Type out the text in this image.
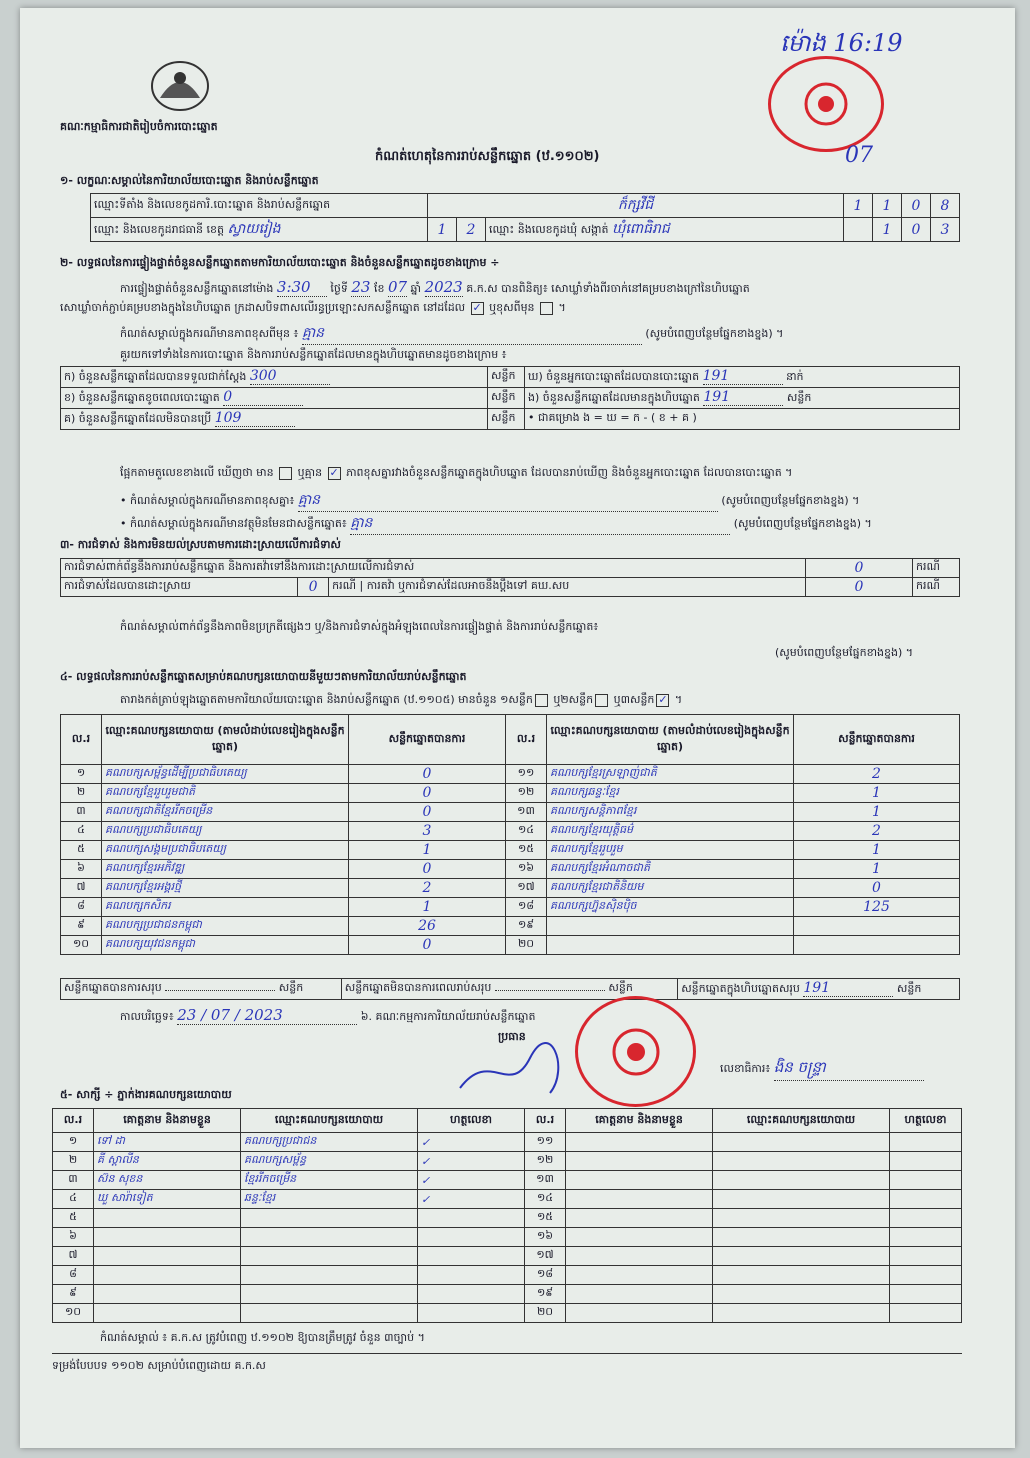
គណៈកម្មាធិការជាតិរៀបចំការបោះឆ្នោត
ម៉ោង 16:19
07
កំណត់ហេតុនៃការរាប់សន្លឹកឆ្នោត (ឋ.១១០២)
១- លក្ខណៈសម្គាល់នៃការិយាល័យបោះឆ្នោត និងរាប់សន្លឹកឆ្នោត
ឈ្មោះទីតាំង និងលេខកូដការិ.បោះឆ្នោត និងរាប់សន្លឹកឆ្នោត	ក៏ក្សវីជី			1	1	0	8
ឈ្មោះ និងលេខកូដរាជធានី ខេត្ត ស្វាយរៀង	1	2	ឈ្មោះ និងលេខកូដឃុំ សង្កាត់ ឃុំពោធិរាជ		1	0	3
២- លទ្ធផលនៃការផ្ទៀងផ្ទាត់ចំនួនសន្លឹកឆ្នោតតាមការិយាល័យបោះឆ្នោត និងចំនួនសន្លឹកឆ្នោតដូចខាងក្រោម ÷
ការផ្ទៀងផ្ទាត់ចំនួនសន្លឹកឆ្នោតនៅម៉ោង 3:30 ថ្ងៃទី 23 ខែ 07 ឆ្នាំ 2023 គ.ក.ស បានពិនិត្យ៖ សោឃ្លាំទាំងពីរចាក់នៅគម្របខាងក្រៅនៃហិបឆ្នោត
សោឃ្លាំចាក់ភ្ជាប់គម្របខាងក្នុងនៃហិបឆ្នោត ក្រដាសបិទពាសលើរន្ធប្រឡោះសកសន្លឹកឆ្នោត នៅដដែល ✓ ឬខុសពីមុន  ។
កំណត់សម្គាល់ក្នុងករណីមានភាពខុសពីមុន ៖ គ្មាន	(សូមបំពេញបន្ថែមផ្នែកខាងខ្នង) ។
គួរយកទៅទាំងនៃការបោះឆ្នោត និងការរាប់សន្លឹកឆ្នោតដែលមានក្នុងហិបឆ្នោតមានដូចខាងក្រោម ៖
ក) ចំនួនសន្លឹកឆ្នោតដែលបានទទួលជាក់ស្តែង 300	សន្លឹក	ឃ) ចំនួនអ្នកបោះឆ្នោតដែលបានបោះឆ្នោត 191 នាក់
ខ) ចំនួនសន្លឹកឆ្នោតខូចពេលបោះឆ្នោត 0	សន្លឹក	ង) ចំនួនសន្លឹកឆ្នោតដែលមានក្នុងហិបឆ្នោត 191 សន្លឹក
គ) ចំនួនសន្លឹកឆ្នោតដែលមិនបានប្រើ 109	សន្លឹក	• ជាគម្រោង ង = ឃ = ក - ( ខ + គ )
ផ្អែកតាមតួលេខខាងលើ ឃើញថា មាន ឬគ្មាន ✓ ភាពខុសគ្នារវាងចំនួនសន្លឹកឆ្នោតក្នុងហិបឆ្នោត ដែលបានរាប់ឃើញ និងចំនួនអ្នកបោះឆ្នោត ដែលបានបោះឆ្នោត ។
• កំណត់សម្គាល់ក្នុងករណីមានភាពខុសគ្នា៖ គ្មាន	(សូមបំពេញបន្ថែមផ្នែកខាងខ្នង) ។
• កំណត់សម្គាល់ក្នុងករណីមានវត្ថុមិនមែនជាសន្លឹកឆ្នោត៖ គ្មាន	(សូមបំពេញបន្ថែមផ្នែកខាងខ្នង) ។
៣- ការជំទាស់ និងការមិនយល់ស្របតាមការដោះស្រាយលើការជំទាស់
ការជំទាស់ពាក់ព័ន្ធនឹងការរាប់សន្លឹកឆ្នោត និងការតវ៉ាទៅនឹងការដោះស្រាយលើការជំទាស់			0	ករណី
ការជំទាស់ដែលបានដោះស្រាយ	0	ករណី | ការតវ៉ា ឬការជំទាស់ដែលអាចនឹងប្តឹងទៅ គឃ.សប	0	ករណី
កំណត់សម្គាល់ពាក់ព័ន្ធនឹងភាពមិនប្រក្រតីផ្សេងៗ ឬ/និងការជំទាស់ក្នុងអំឡុងពេលនៃការផ្ទៀងផ្ទាត់ និងការរាប់សន្លឹកឆ្នោត៖
(សូមបំពេញបន្ថែមផ្នែកខាងខ្នង) ។
៤- លទ្ធផលនៃការរាប់សន្លឹកឆ្នោតសម្រាប់គណបក្សនយោបាយនីមួយៗតាមការិយាល័យរាប់សន្លឹកឆ្នោត
តារាងកត់ត្រាប់ឡុងឆ្នោតតាមការិយាល័យបោះឆ្នោត និងរាប់សន្លឹកឆ្នោត (ឋ.១១០៥) មានចំនួន ១សន្លឹក ឬ២សន្លឹក ឬ៣សន្លឹក ✓ ។
ល.រ	ឈ្មោះគណបក្សនយោបាយ (តាមលំដាប់លេខរៀងក្នុងសន្លឹកឆ្នោត)	សន្លឹកឆ្នោតបានការ	ល.រ	ឈ្មោះគណបក្សនយោបាយ (តាមលំដាប់លេខរៀងក្នុងសន្លឹកឆ្នោត)	សន្លឹកឆ្នោតបានការ
១	គណបក្សសម្ព័ន្ធដើម្បីប្រជាធិបតេយ្យ	0	១១	គណបក្សខ្មែរស្រឡាញ់ជាតិ	2
២	គណបក្សខ្មែររួបរួមជាតិ	0	១២	គណបក្សឆន្ទៈខ្មែរ	1
៣	គណបក្សជាតិខ្មែររីកចម្រើន	0	១៣	គណបក្សសន្តិភាពខ្មែរ	1
៤	គណបក្សប្រជាធិបតេយ្យ	3	១៤	គណបក្សខ្មែរយុត្តិធម៌	2
៥	គណបក្សសង្គមប្រជាធិបតេយ្យ	1	១៥	គណបក្សខ្មែររួបរួម	1
៦	គណបក្សខ្មែរអភិវឌ្ឍ	0	១៦	គណបក្សខ្មែរអំណាចជាតិ	1
៧	គណបក្សខ្មែរអង្គរថ្មី	2	១៧	គណបក្សខ្មែរជាតិនិយម	0
៨	គណបក្សកសិករ	1	១៨	គណបក្សហ្វ៊ុនស៊ិនប៉ិច	125
៩	គណបក្សប្រជាជនកម្ពុជា	26	១៩		
១០	គណបក្សយុវជនកម្ពុជា	0	២០		
សន្លឹកឆ្នោតបានការសរុប	សន្លឹក	សន្លឹកឆ្នោតមិនបានការពេលរាប់សរុប	សន្លឹក	សន្លឹកឆ្នោតក្នុងហិបឆ្នោតសរុប 191	សន្លឹក
កាលបរិច្ឆេទ៖ 23 / 07 / 2023	៦. គណៈកម្មការការិយាល័យរាប់សន្លឹកឆ្នោត
ប្រធាន
លេខាធិការ៖ ងិន ចន្ទ្រា
៥- សាក្សី ÷ ភ្នាក់ងារគណបក្សនយោបាយ
ល.រ	គោត្តនាម និងនាមខ្លួន	ឈ្មោះគណបក្សនយោបាយ	ហត្ថលេខា	ល.រ	គោត្តនាម និងនាមខ្លួន	ឈ្មោះគណបក្សនយោបាយ	ហត្ថលេខា
១	ទៅ ដា	គណបក្សប្រជាជន	✓	១១			
២	គី ស្តាលីន	គណបក្សសម្ព័ន្ធ	✓	១២			
៣	ស៊ន សុខន	ខ្មែររីកចម្រើន	✓	១៣			
៤	ឃួ សារ៉ាទៀត	ឆន្ទៈខ្មែរ	✓	១៤			
៥				១៥			
៦				១៦			
៧				១៧			
៨				១៨			
៩				១៩			
១០				២០			
កំណត់សម្គាល់ ៖ គ.ក.ស ត្រូវបំពេញ ឋ.១១០២ ឱ្យបានត្រឹមត្រូវ ចំនួន ៣ច្បាប់ ។
ទម្រង់បែបបទ ១១០២ សម្រាប់បំពេញដោយ គ.ក.ស
